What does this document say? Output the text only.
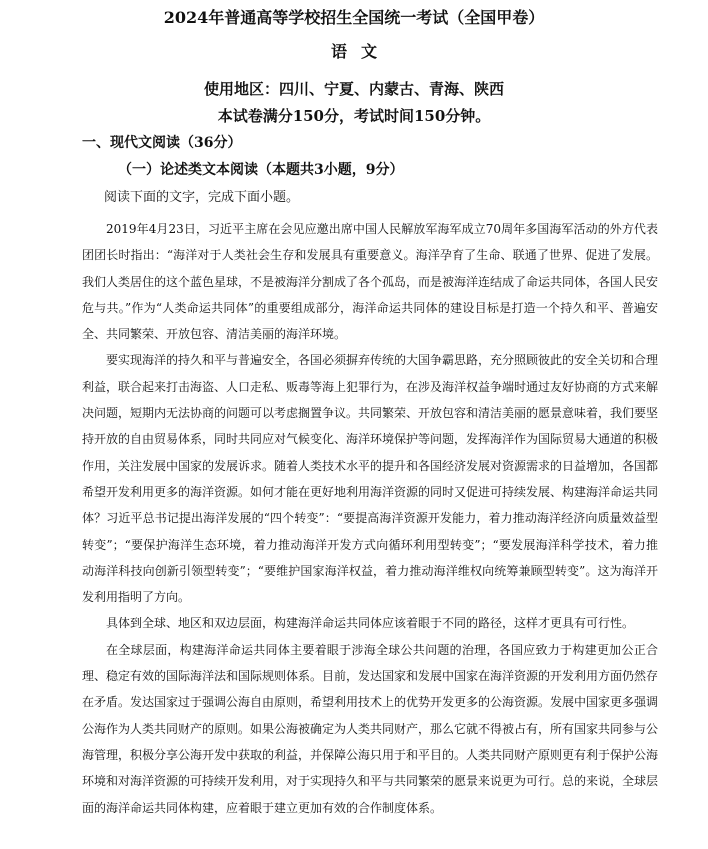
2024年普通高等学校招生全国统一考试（全国甲卷）
语文
使用地区：四川、宁夏、内蒙古、青海、陕西
本试卷满分150分，考试时间150分钟。
一、现代文阅读（36分）
（一）论述类文本阅读（本题共3小题，9分）
阅读下面的文字，完成下面小题。

2019年4月23日，习近平主席在会见应邀出席中国人民解放军海军成立70周年多国海军活动的外方代表团团长时指出：“海洋对于人类社会生存和发展具有重要意义。海洋孕育了生命、联通了世界、促进了发展。我们人类居住的这个蓝色星球，不是被海洋分割成了各个孤岛，而是被海洋连结成了命运共同体，各国人民安危与共。”作为“人类命运共同体”的重要组成部分，海洋命运共同体的建设目标是打造一个持久和平、普遍安全、共同繁荣、开放包容、清洁美丽的海洋环境。

要实现海洋的持久和平与普遍安全，各国必须摒弃传统的大国争霸思路，充分照顾彼此的安全关切和合理利益，联合起来打击海盗、人口走私、贩毒等海上犯罪行为，在涉及海洋权益争端时通过友好协商的方式来解决问题，短期内无法协商的问题可以考虑搁置争议。共同繁荣、开放包容和清洁美丽的愿景意味着，我们要坚持开放的自由贸易体系，同时共同应对气候变化、海洋环境保护等问题，发挥海洋作为国际贸易大通道的积极作用，关注发展中国家的发展诉求。随着人类技术水平的提升和各国经济发展对资源需求的日益增加，各国都希望开发利用更多的海洋资源。如何才能在更好地利用海洋资源的同时又促进可持续发展、构建海洋命运共同体？习近平总书记提出海洋发展的“四个转变”：“要提高海洋资源开发能力，着力推动海洋经济向质量效益型转变”；“要保护海洋生态环境，着力推动海洋开发方式向循环利用型转变”；“要发展海洋科学技术，着力推动海洋科技向创新引领型转变”；“要维护国家海洋权益，着力推动海洋维权向统筹兼顾型转变”。这为海洋开发利用指明了方向。

具体到全球、地区和双边层面，构建海洋命运共同体应该着眼于不同的路径，这样才更具有可行性。

在全球层面，构建海洋命运共同体主要着眼于涉海全球公共问题的治理，各国应致力于构建更加公正合理、稳定有效的国际海洋法和国际规则体系。目前，发达国家和发展中国家在海洋资源的开发利用方面仍然存在矛盾。发达国家过于强调公海自由原则，希望利用技术上的优势开发更多的公海资源。发展中国家更多强调公海作为人类共同财产的原则。如果公海被确定为人类共同财产，那么它就不得被占有，所有国家共同参与公海管理，积极分享公海开发中获取的利益，并保障公海只用于和平目的。人类共同财产原则更有利于保护公海环境和对海洋资源的可持续开发利用，对于实现持久和平与共同繁荣的愿景来说更为可行。总的来说，全球层面的海洋命运共同体构建，应着眼于建立更加有效的合作制度体系。
